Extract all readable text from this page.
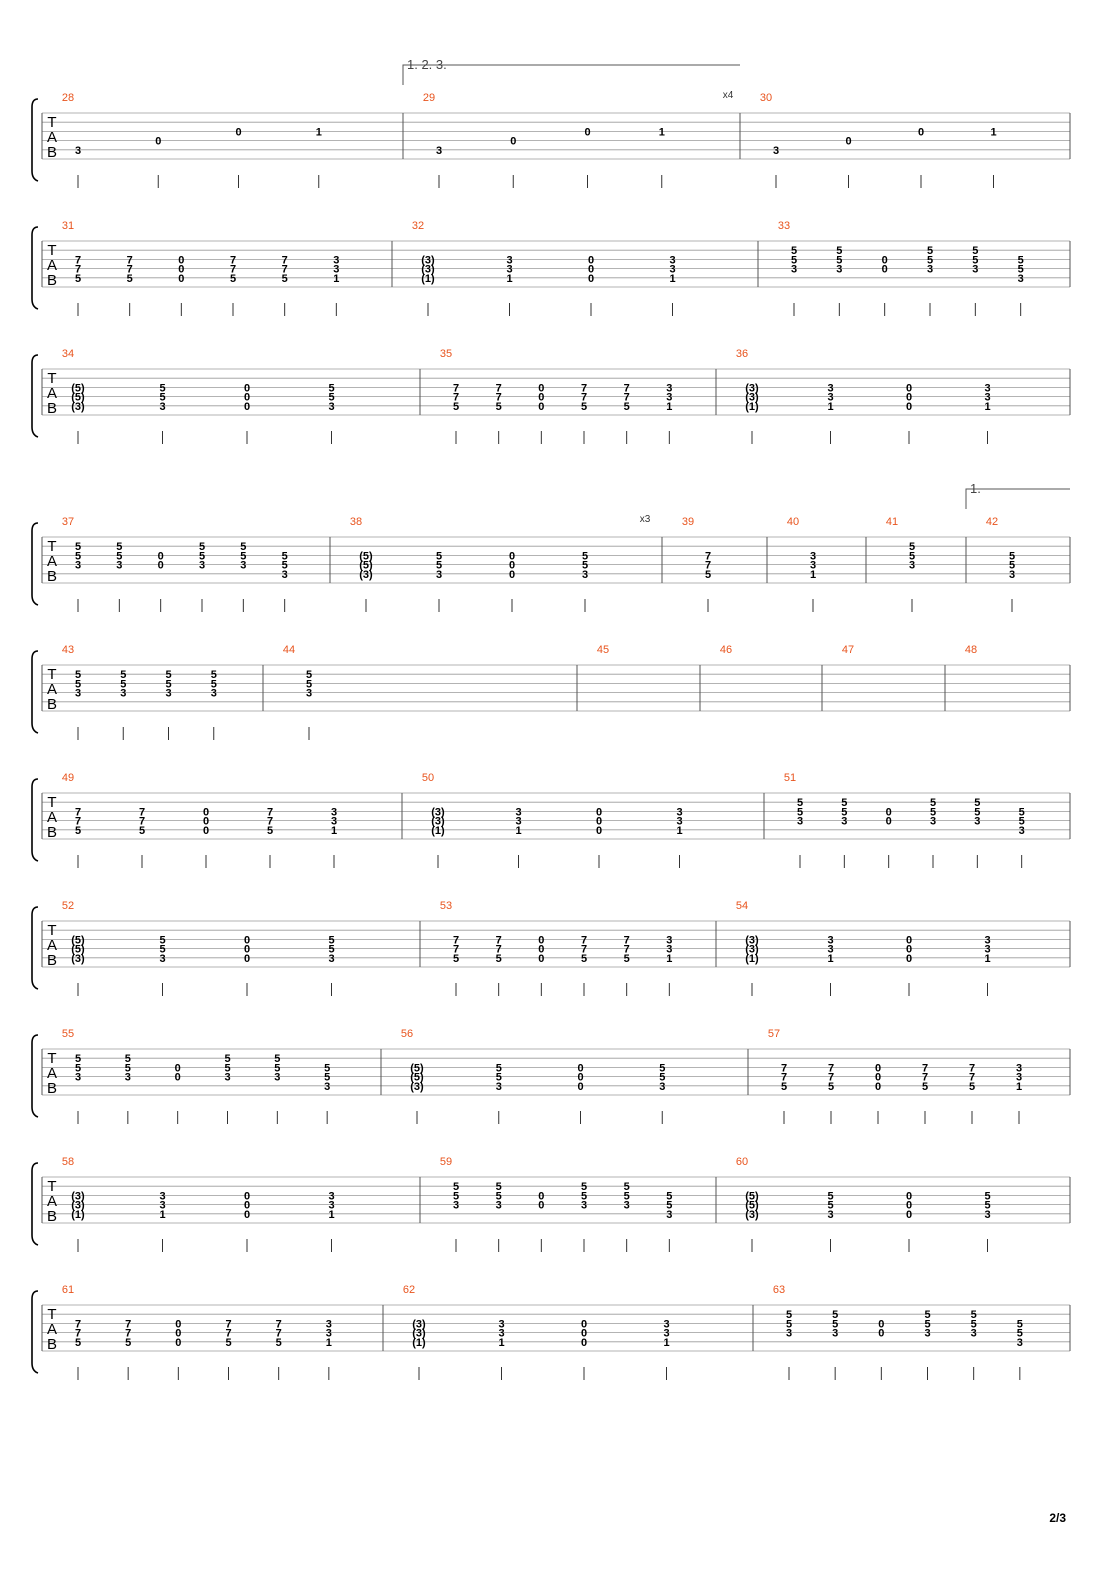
T
A
B
1. 2. 3.
x4
28
3
0
0	1
29
3
0
0	1
30
3
0
0	1
T
A
B
31
7
7
5
7
7
5
0
0
0
7
7
5
7
7
5
3
3
1
32
(3)
(3)
(1)
3
3
1
0
0
0
3
3
1
33
5
5
3
5
5
3
0
0
5
5
3
5
5
3
5
5
3
T
A
B
34
(5)
(5)
(3)
5
5
3
0
0
0
5
5
3
35
7
7
5
7
7
5
0
0
0
7
7
5
7
7
5
3
3
1
36
(3)
(3)
(1)
3
3
1
0
0
0
3
3
1
T
A
B
1.
x3
37
5
5
3
5
5
3
0
0
5
5
3
5
5
3
5
5
3
38
(5)
(5)
(3)
5
5
3
0
0
0
5
5
3
39
7
7
5
40
3
3
1
41
5
5
3
42
5
5
3
T
A
B
43
5
5
3
5
5
3
5
5
3
5
5
3
44
5
5
3
45	46	47	48
T
A
B
49
7
7
5
7
7
5
0
0
0
7
7
5
3
3
1
50
(3)
(3)
(1)
3
3
1
0
0
0
3
3
1
51
5
5
3
5
5
3
0
0
5
5
3
5
5
3
5
5
3
T
A
B
52
(5)
(5)
(3)
5
5
3
0
0
0
5
5
3
53
7
7
5
7
7
5
0
0
0
7
7
5
7
7
5
3
3
1
54
(3)
(3)
(1)
3
3
1
0
0
0
3
3
1
T
A
B
55
5
5
3
5
5
3
0
0
5
5
3
5
5
3
5
5
3
56
(5)
(5)
(3)
5
5
3
0
0
0
5
5
3
57
7
7
5
7
7
5
0
0
0
7
7
5
7
7
5
3
3
1
T
A
B
58
(3)
(3)
(1)
3
3
1
0
0
0
3
3
1
59
5
5
3
5
5
3
0
0
5
5
3
5
5
3
5
5
3
60
(5)
(5)
(3)
5
5
3
0
0
0
5
5
3
T
A
B
61
7
7
5
7
7
5
0
0
0
7
7
5
7
7
5
3
3
1
62
(3)
(3)
(1)
3
3
1
0
0
0
3
3
1
63
5
5
3
5
5
3
0
0
5
5
3
5
5
3
5
5
3
2/3
